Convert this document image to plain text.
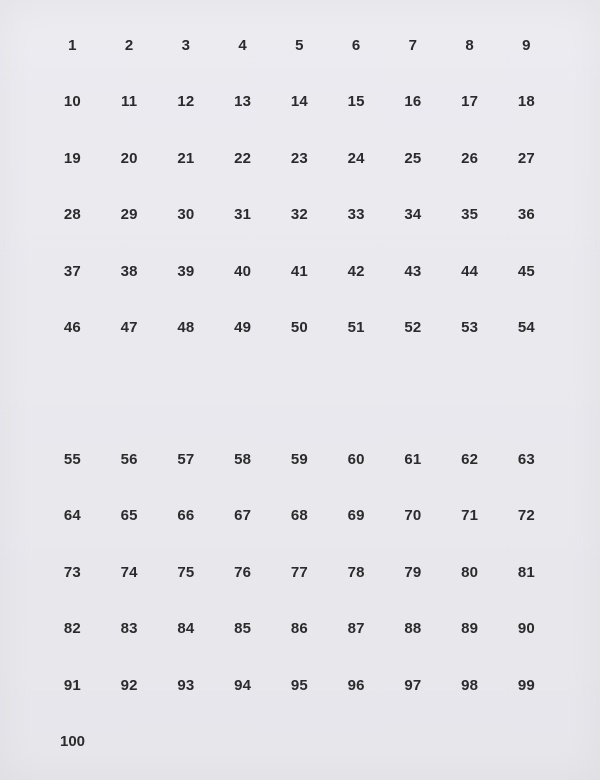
1	2	3	4	5	6	7	8	9
10	11	12	13	14	15	16	17	18
19	20	21	22	23	24	25	26	27
28	29	30	31	32	33	34	35	36
37	38	39	40	41	42	43	44	45
46	47	48	49	50	51	52	53	54
55	56	57	58	59	60	61	62	63
64	65	66	67	68	69	70	71	72
73	74	75	76	77	78	79	80	81
82	83	84	85	86	87	88	89	90
91	92	93	94	95	96	97	98	99
100
